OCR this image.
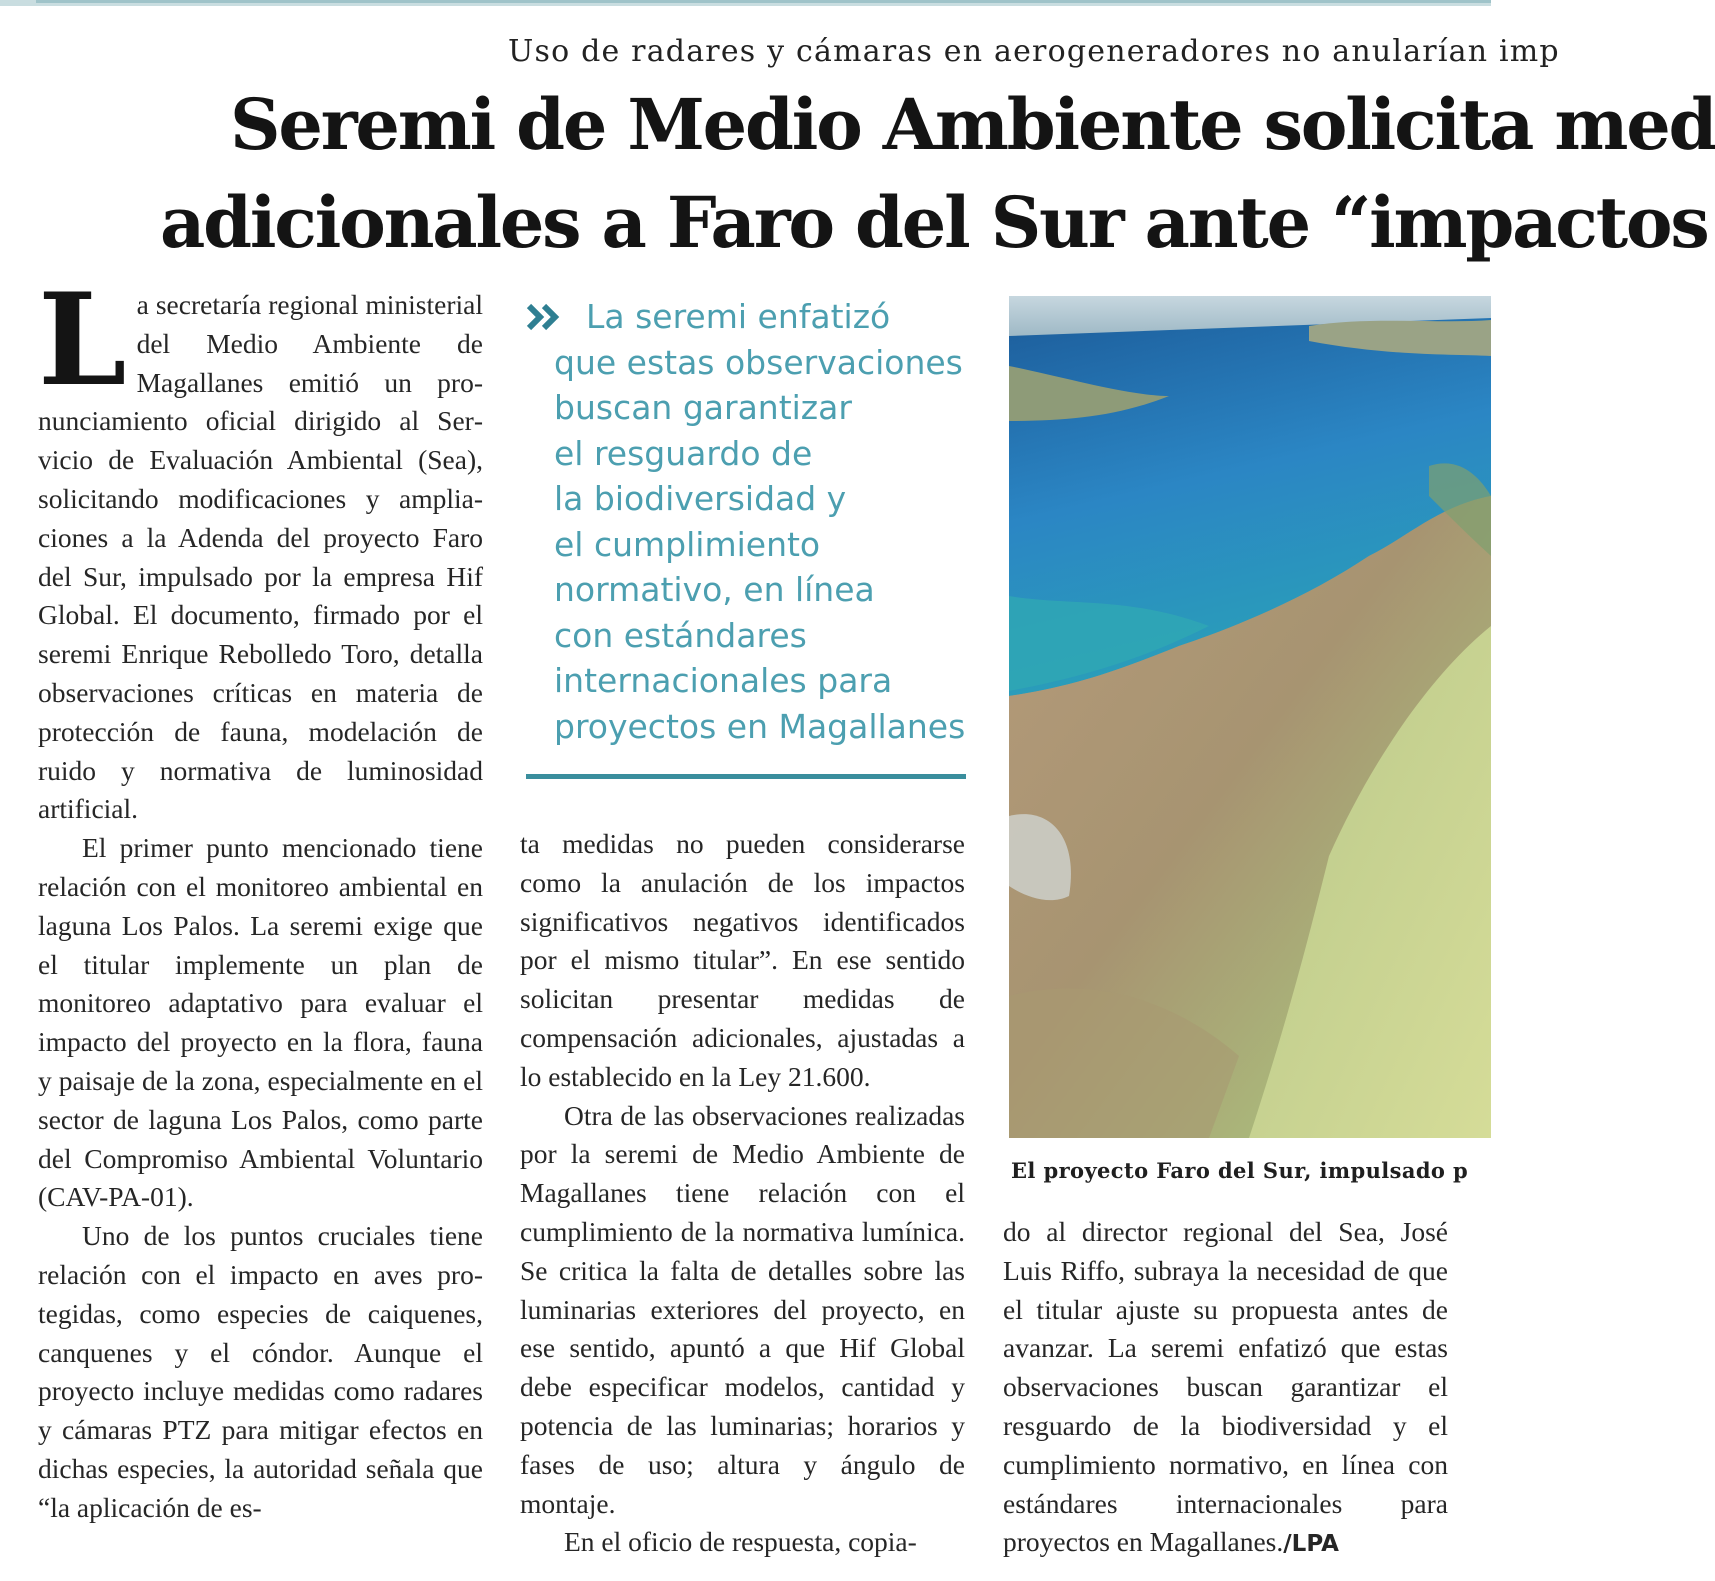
Uso de radares y cámaras en aerogeneradores no anularían imp
Seremi de Medio Ambiente solicita med
adicionales a Faro del Sur ante “impactos

La secretaría regional ministerial del Medio Ambiente de Magallanes emitió un pronunciamiento oficial dirigido al Servicio de Evaluación Ambiental (Sea), solicitando modificaciones y ampliaciones a la Adenda del proyecto Faro del Sur, impulsado por la empresa Hif Global. El documento, firmado por el seremi Enrique Rebolledo Toro, detalla observaciones críticas en materia de protección de fauna, modelación de ruido y normativa de luminosidad artificial.

El primer punto mencionado tiene relación con el monitoreo ambiental en laguna Los Palos. La seremi exige que el titular implemente un plan de monitoreo adaptativo para evaluar el impacto del proyecto en la flora, fauna y paisaje de la zona, especialmente en el sector de laguna Los Palos, como parte del Compromiso Ambiental Voluntario (CAV-PA-01).

Uno de los puntos cruciales tiene relación con el impacto en aves protegidas, como especies de caiquenes, canquenes y el cóndor. Aunque el proyecto incluye medidas como radares y cámaras PTZ para mitigar efectos en dichas especies, la autoridad señala que “la aplicación de es-

La seremi enfatizó
que estas observaciones
buscan garantizar
el resguardo de
la biodiversidad y
el cumplimiento
normativo, en línea
con estándares
internacionales para
proyectos en Magallanes

ta medidas no pueden considerarse como la anulación de los impactos significativos negativos identificados por el mismo titular”. En ese sentido solicitan presentar medidas de compensación adicionales, ajustadas a lo establecido en la Ley 21.600.

Otra de las observaciones realizadas por la seremi de Medio Ambiente de Magallanes tiene relación con el cumplimiento de la normativa lumínica. Se critica la falta de detalles sobre las luminarias exteriores del proyecto, en ese sentido, apuntó a que Hif Global debe especificar modelos, cantidad y potencia de las luminarias; horarios y fases de uso; altura y ángulo de montaje.

En el oficio de respuesta, copia-

El proyecto Faro del Sur, impulsado p

do al director regional del Sea, José Luis Riffo, subraya la necesidad de que el titular ajuste su propuesta antes de avanzar. La seremi enfatizó que estas observaciones buscan garantizar el resguardo de la biodiversidad y el cumplimiento normativo, en línea con estándares internacionales para proyectos en Magallanes./LPA
